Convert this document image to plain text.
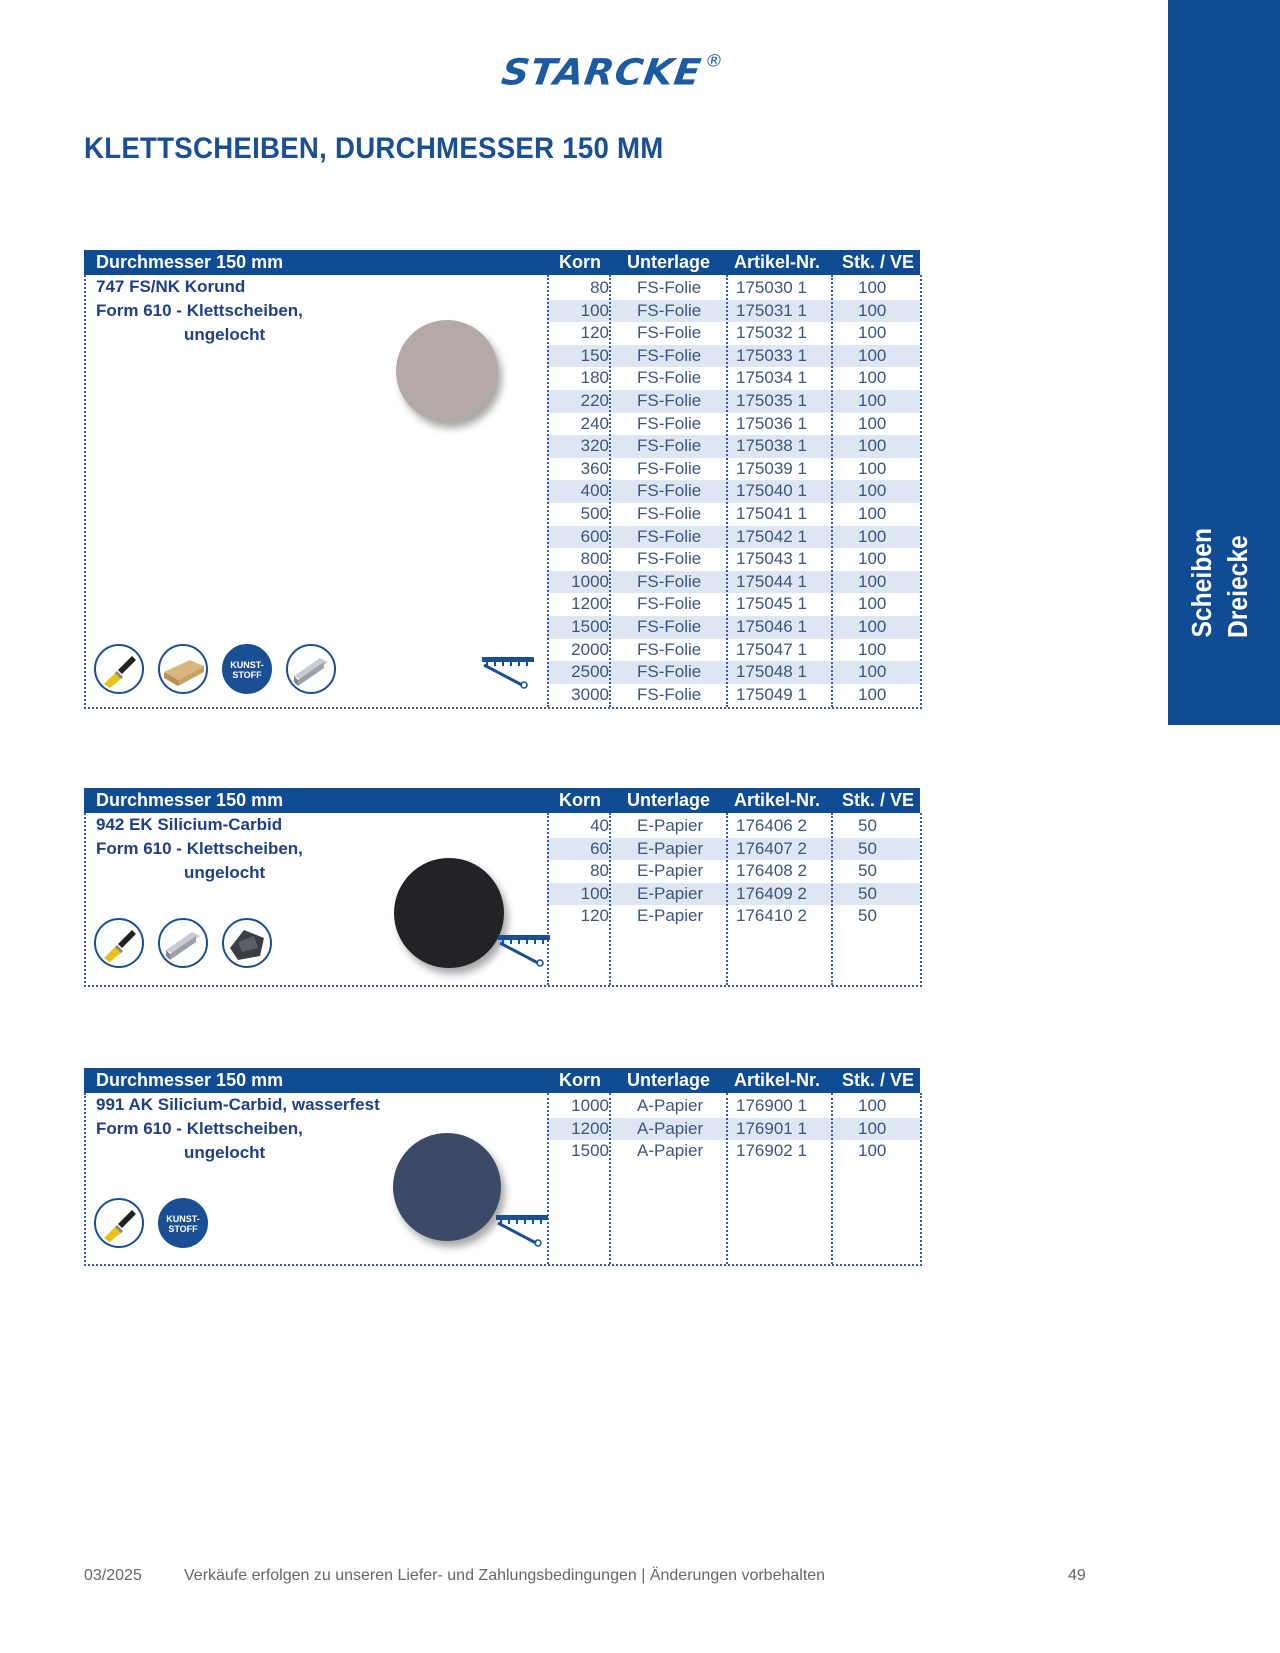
STARCKE®
KLETTSCHEIBEN, DURCHMESSER 150 MM
Scheiben Dreiecke
Durchmesser 150 mm	Korn Unterlage Artikel-Nr. Stk. / VE
80 FS-Folie 175030 1	100
100 FS-Folie 175031 1	100
120 FS-Folie 175032 1	100
150 FS-Folie 175033 1	100
180 FS-Folie 175034 1	100
220 FS-Folie 175035 1	100
240 FS-Folie 175036 1	100
320 FS-Folie 175038 1	100
360 FS-Folie 175039 1	100
400 FS-Folie 175040 1	100
500 FS-Folie 175041 1	100
600 FS-Folie 175042 1	100
800 FS-Folie 175043 1	100
1000 FS-Folie 175044 1	100
1200 FS-Folie 175045 1	100
1500 FS-Folie 175046 1	100
2000 FS-Folie 175047 1	100
2500 FS-Folie 175048 1	100
3000 FS-Folie 175049 1	100
747 FS/NK Korund
Form 610 - Klettscheiben,
ungelocht
KUNST-
STOFF
Durchmesser 150 mm	Korn Unterlage Artikel-Nr. Stk. / VE
40 E-Papier 176406 2	50
60 E-Papier 176407 2	50
80 E-Papier 176408 2	50
100 E-Papier 176409 2	50
120 E-Papier 176410 2	50
942 EK Silicium-Carbid
Form 610 - Klettscheiben,
ungelocht
Durchmesser 150 mm	Korn Unterlage Artikel-Nr. Stk. / VE
1000 A-Papier 176900 1	100
1200 A-Papier 176901 1	100
1500 A-Papier 176902 1	100
991 AK Silicium-Carbid, wasserfest
Form 610 - Klettscheiben,
ungelocht
KUNST-
STOFF
03/2025	Verkäufe erfolgen zu unseren Liefer- und Zahlungsbedingungen | Änderungen vorbehalten	49
